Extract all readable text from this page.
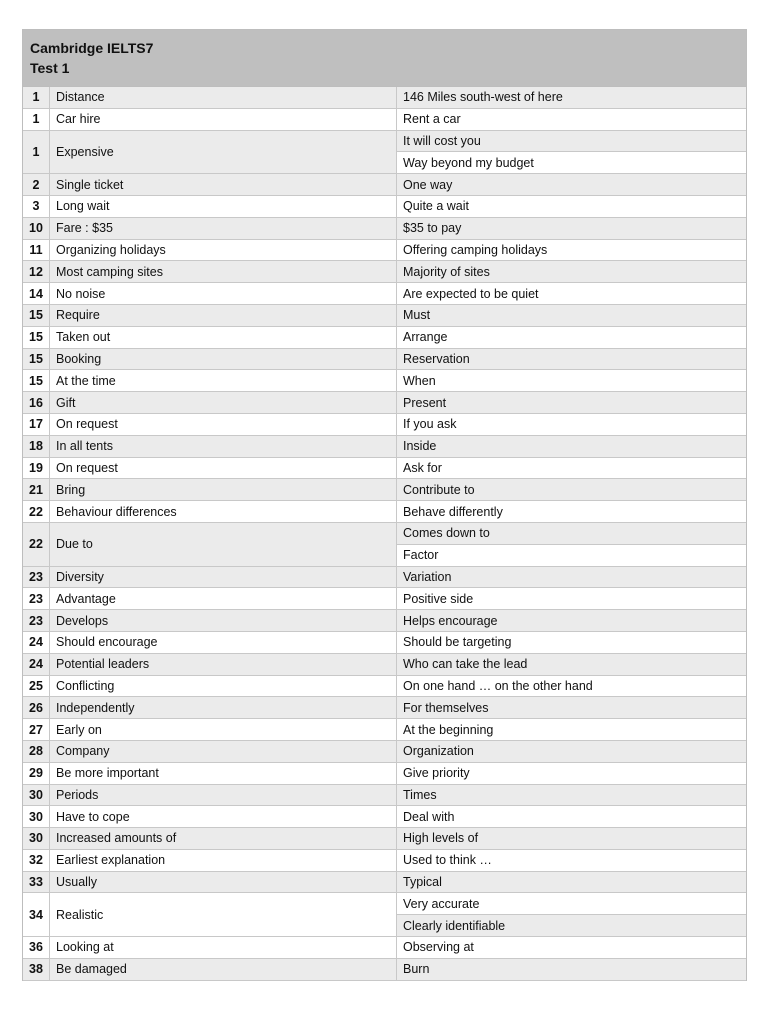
Cambridge IELTS7
Test 1
1	Distance	146 Miles south-west of here
1	Car hire	Rent a car
1	Expensive	It will cost you
		Way beyond my budget
2	Single ticket	One way
3	Long wait	Quite a wait
10	Fare : $35	$35 to pay
11	Organizing holidays	Offering camping holidays
12	Most camping sites	Majority of sites
14	No noise	Are expected to be quiet
15	Require	Must
15	Taken out	Arrange
15	Booking	Reservation
15	At the time	When
16	Gift	Present
17	On request	If you ask
18	In all tents	Inside
19	On request	Ask for
21	Bring	Contribute to
22	Behaviour differences	Behave differently
22	Due to	Comes down to
		Factor
23	Diversity	Variation
23	Advantage	Positive side
23	Develops	Helps encourage
24	Should encourage	Should be targeting
24	Potential leaders	Who can take the lead
25	Conflicting	On one hand … on the other hand
26	Independently	For themselves
27	Early on	At the beginning
28	Company	Organization
29	Be more important	Give priority
30	Periods	Times
30	Have to cope	Deal with
30	Increased amounts of	High levels of
32	Earliest explanation	Used to think …
33	Usually	Typical
34	Realistic	Very accurate
		Clearly identifiable
36	Looking at	Observing at
38	Be damaged	Burn
